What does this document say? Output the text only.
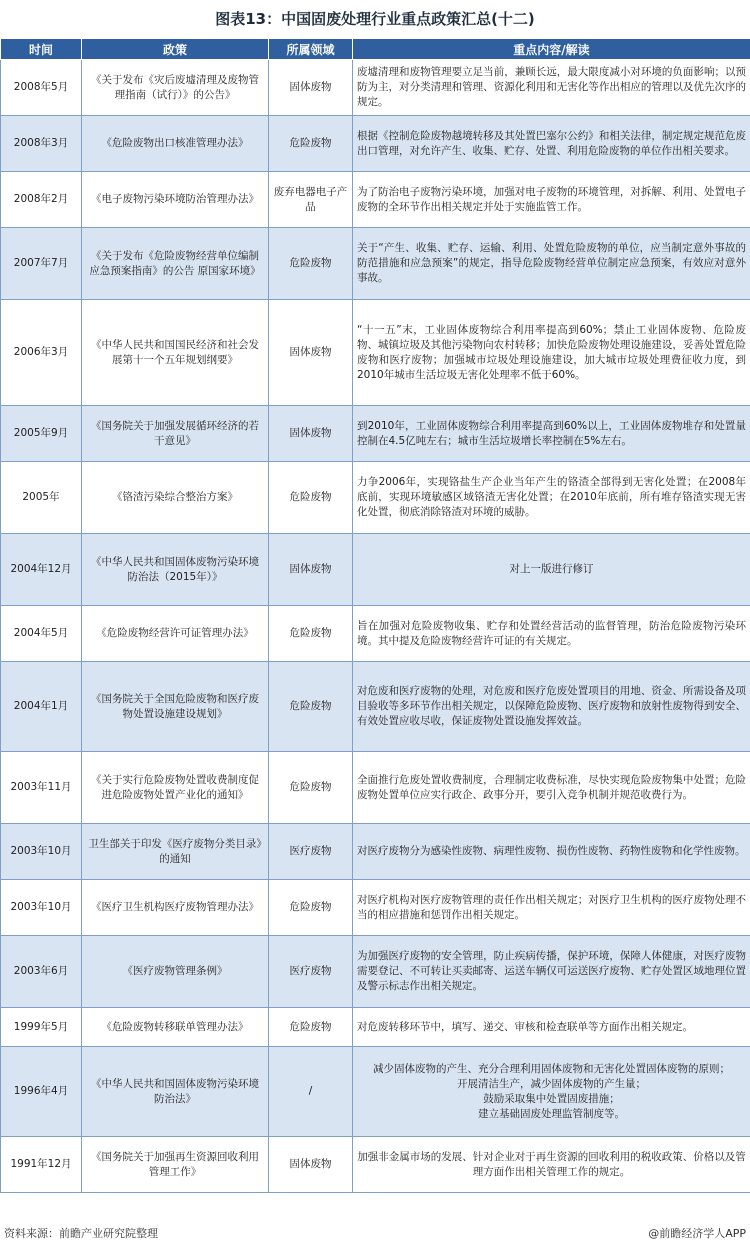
图表13：中国固废处理行业重点政策汇总(十二)
时间	政策	所属领域	重点内容/解读
2008年5月	《关于发布《灾后废墟清理及废物管理指南（试行）》的公告》	固体废物	废墟清理和废物管理要立足当前，兼顾长远，最大限度减小对环境的负面影响；以预防为主，对分类清理和管理、资源化利用和无害化等作出相应的管理以及优先次序的规定。
2008年3月	《危险废物出口核准管理办法》	危险废物	根据《控制危险废物越境转移及其处置巴塞尔公约》和相关法律，制定规定规范危废出口管理，对允许产生、收集、贮存、处置、利用危险废物的单位作出相关要求。
2008年2月	《电子废物污染环境防治管理办法》	废弃电器电子产品	为了防治电子废物污染环境，加强对电子废物的环境管理，对拆解、利用、处置电子废物的全环节作出相关规定并处于实施监管工作。
2007年7月	《关于发布《危险废物经营单位编制应急预案指南》的公告 原国家环境》	危险废物	关于“产生、收集、贮存、运输、利用、处置危险废物的单位，应当制定意外事故的防范措施和应急预案”的规定，指导危险废物经营单位制定应急预案，有效应对意外事故。
2006年3月	《中华人民共和国国民经济和社会发展第十一个五年规划纲要》	固体废物	“十一五”末，工业固体废物综合利用率提高到60%；禁止工业固体废物、危险废物、城镇垃圾及其他污染物向农村转移；加快危险废物处理设施建设，妥善处置危险废物和医疗废物；加强城市垃圾处理设施建设，加大城市垃圾处理费征收力度，到2010年城市生活垃圾无害化处理率不低于60%。
2005年9月	《国务院关于加强发展循环经济的若干意见》	固体废物	到2010年，工业固体废物综合利用率提高到60%以上，工业固体废物堆存和处置量控制在4.5亿吨左右；城市生活垃圾增长率控制在5%左右。
2005年	《铬渣污染综合整治方案》	危险废物	力争2006年，实现铬盐生产企业当年产生的铬渣全部得到无害化处置；在2008年底前，实现环境敏感区域铬渣无害化处置；在2010年底前，所有堆存铬渣实现无害化处置，彻底消除铬渣对环境的威胁。
2004年12月	《中华人民共和国固体废物污染环境防治法（2015年）》	固体废物	对上一版进行修订
2004年5月	《危险废物经营许可证管理办法》	危险废物	旨在加强对危险废物收集、贮存和处置经营活动的监督管理，防治危险废物污染环境。其中提及危险废物经营许可证的有关规定。
2004年1月	《国务院关于全国危险废物和医疗废物处置设施建设规划》	危险废物	对危废和医疗废物的处理，对危废和医疗危废处置项目的用地、资金、所需设备及项目验收等多环节作出相关规定，以保障危险废物、医疗废物和放射性废物得到安全、有效处置应收尽收，保证废物处置设施发挥效益。
2003年11月	《关于实行危险废物处置收费制度促进危险废物处置产业化的通知》	危险废物	全面推行危废处置收费制度，合理制定收费标准，尽快实现危险废物集中处置；危险废物处置单位应实行政企、政事分开，要引入竞争机制并规范收费行为。
2003年10月	卫生部关于印发《医疗废物分类目录》的通知	医疗废物	对医疗废物分为感染性废物、病理性废物、损伤性废物、药物性废物和化学性废物。
2003年10月	《医疗卫生机构医疗废物管理办法》	危险废物	对医疗机构对医疗废物管理的责任作出相关规定；对医疗卫生机构的医疗废物处理不当的相应措施和惩罚作出相关规定。
2003年6月	《医疗废物管理条例》	医疗废物	为加强医疗废物的安全管理，防止疾病传播，保护环境，保障人体健康，对医疗废物需要登记、不可转让买卖邮寄、运送车辆仅可运送医疗废物、贮存处置区域地理位置及警示标志作出相关规定。
1999年5月	《危险废物转移联单管理办法》	危险废物	对危废转移环节中，填写、递交、审核和检查联单等方面作出相关规定。
1996年4月	《中华人民共和国固体废物污染环境防治法》	/	减少固体废物的产生、充分合理利用固体废物和无害化处置固体废物的原则；
开展清洁生产，减少固体废物的产生量；
鼓励采取集中处置固废措施；
建立基础固废处理监管制度等。
1991年12月	《国务院关于加强再生资源回收利用管理工作》	固体废物	加强非金属市场的发展、针对企业对于再生资源的回收利用的税收政策、价格以及管理方面作出相关管理工作的规定。
资料来源：前瞻产业研究院整理	@前瞻经济学人APP
